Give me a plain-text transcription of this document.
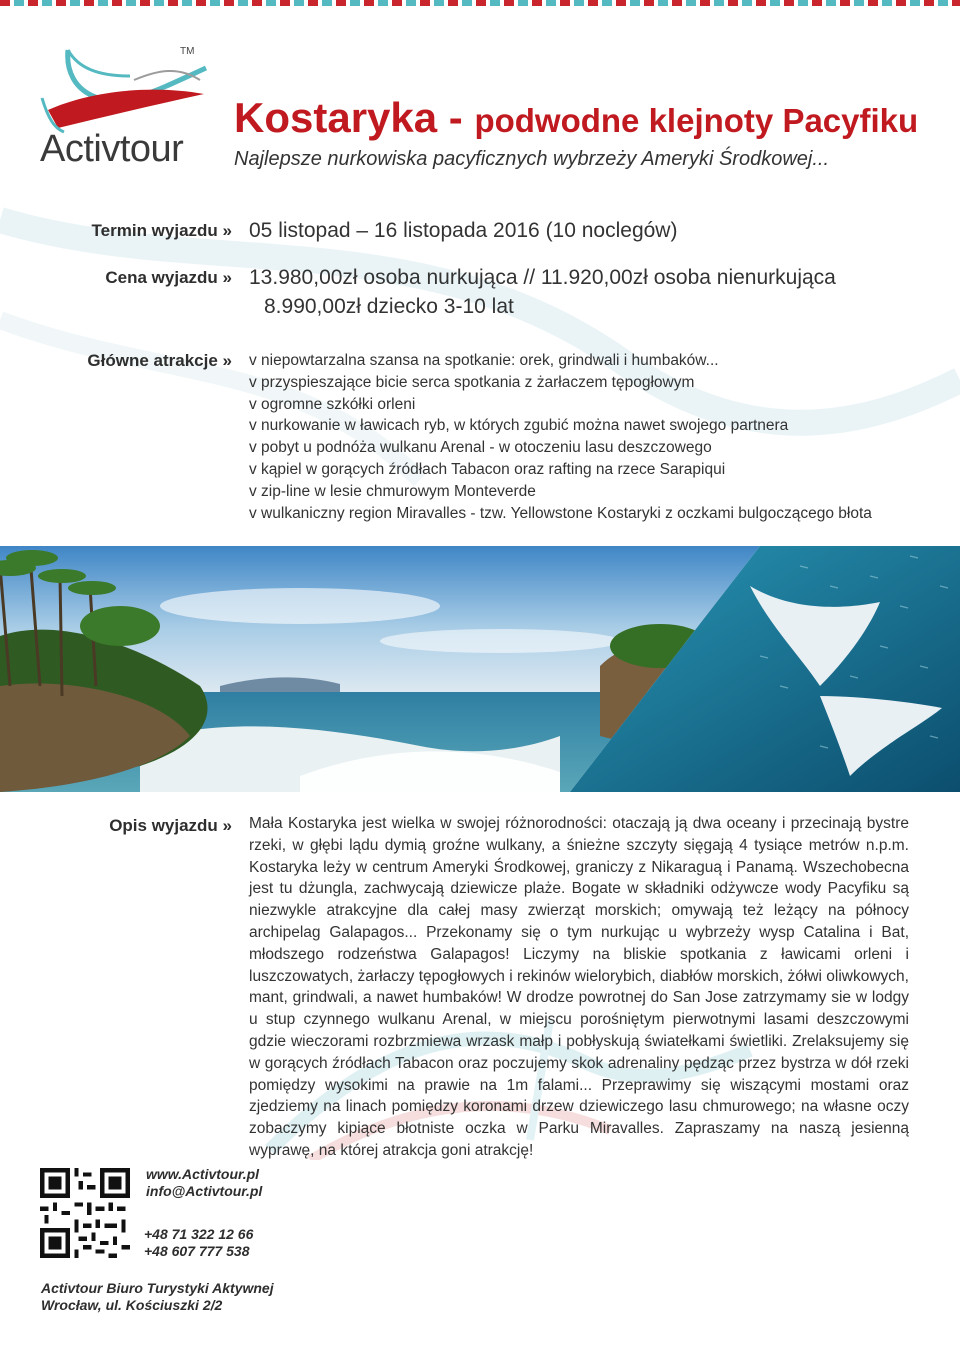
TM
Activtour
Kostaryka - podwodne klejnoty Pacyfiku
Najlepsze nurkowiska pacyficznych wybrzeży Ameryki Środkowej...
Termin wyjazdu » 05 listopad – 16 listopada 2016 (10 noclegów)
Cena wyjazdu » 13.980,00zł osoba nurkująca // 11.920,00zł osoba nienurkująca
8.990,00zł dziecko 3-10 lat
Główne atrakcje » v niepowtarzalna szansa na spotkanie: orek, grindwali i humbaków...
v przyspieszające bicie serca spotkania z żarłaczem tępogłowym
v ogromne szkółki orleni
v nurkowanie w ławicach ryb, w których zgubić można nawet swojego partnera
v pobyt u podnóża wulkanu Arenal - w otoczeniu lasu deszczowego
v kąpiel w gorących źródłach Tabacon oraz rafting na rzece Sarapiqui
v zip-line w lesie chmurowym Monteverde
v wulkaniczny region Miravalles - tzw. Yellowstone Kostaryki z oczkami bulgoczącego błota
Opis wyjazdu » Mała Kostaryka jest wielka w swojej różnorodności: otaczają ją dwa oceany i przecinają bystre rzeki, w głębi lądu dymią groźne wulkany, a śnieżne szczyty sięgają 4 tysiące metrów n.p.m. Kostaryka leży w centrum Ameryki Środkowej, graniczy z Nikaraguą i Panamą. Wszechobecna jest tu dżungla, zachwycają dziewicze plaże. Bogate w składniki odżywcze wody Pacyfiku są niezwykle atrakcyjne dla całej masy zwierząt morskich; omywają też leżący na północy archipelag Galapagos... Przekonamy się o tym nurkując u wybrzeży wysp Catalina i Bat, młodszego rodzeństwa Galapagos! Liczymy na bliskie spotkania z ławicami orleni i luszczowatych, żarłaczy tępogłowych i rekinów wielorybich, diabłów morskich, żółwi oliwkowych, mant, grindwali, a nawet humbaków! W drodze powrotnej do San Jose zatrzymamy sie w lodgy u stup czynnego wulkanu Arenal, w miejscu porośniętym pierwotnymi lasami deszczowymi gdzie wieczorami rozbrzmiewa wrzask małp i pobłyskują światełkami świetliki. Zrelaksujemy się w gorących źródłach Tabacon oraz poczujemy skok adrenaliny pędząc przez bystrza w dół rzeki pomiędzy wysokimi na prawie na 1m falami... Przeprawimy się wiszącymi mostami oraz zjedziemy na linach pomiędzy koronami drzew dziewiczego lasu chmurowego; na własne oczy zobaczymy kipiące błotniste oczka w Parku Miravalles. Zapraszamy na naszą jesienną wyprawę, na której atrakcja goni atrakcję!

www.Activtour.pl
info@Activtour.pl
+48 71 322 12 66
+48 607 777 538
Activtour Biuro Turystyki Aktywnej
Wrocław, ul. Kościuszki 2/2
